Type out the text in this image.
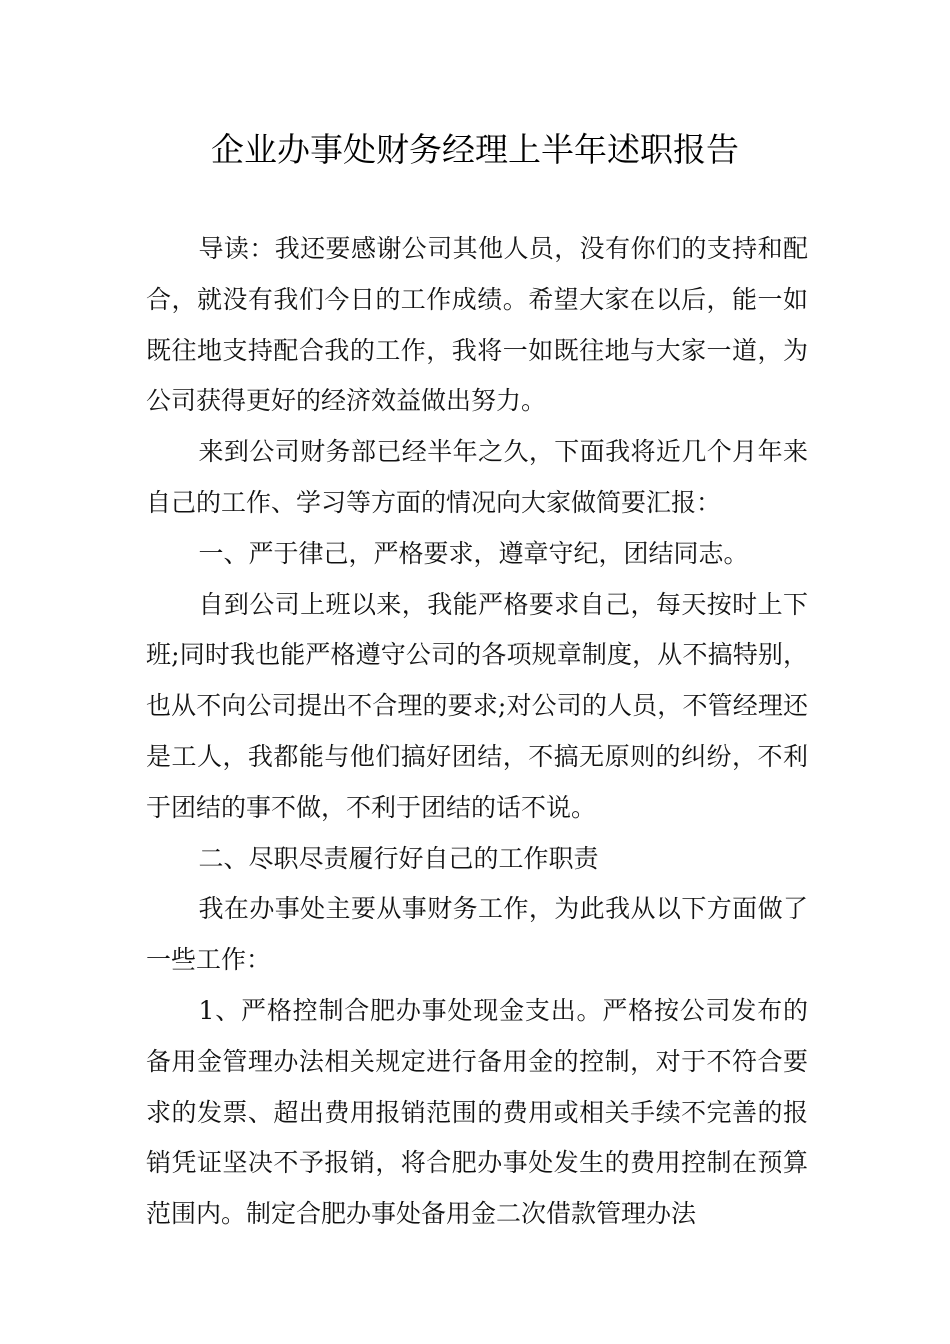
企业办事处财务经理上半年述职报告

导读：我还要感谢公司其他人员，没有你们的支持和配合，就没有我们今日的工作成绩。希望大家在以后，能一如既往地支持配合我的工作，我将一如既往地与大家一道，为公司获得更好的经济效益做出努力。

来到公司财务部已经半年之久，下面我将近几个月年来自己的工作、学习等方面的情况向大家做简要汇报：

一、严于律己，严格要求，遵章守纪，团结同志。

自到公司上班以来，我能严格要求自己，每天按时上下班;同时我也能严格遵守公司的各项规章制度，从不搞特别，也从不向公司提出不合理的要求;对公司的人员，不管经理还是工人，我都能与他们搞好团结，不搞无原则的纠纷，不利于团结的事不做，不利于团结的话不说。

二、尽职尽责履行好自己的工作职责

我在办事处主要从事财务工作，为此我从以下方面做了一些工作：

1、严格控制合肥办事处现金支出。严格按公司发布的备用金管理办法相关规定进行备用金的控制，对于不符合要求的发票、超出费用报销范围的费用或相关手续不完善的报销凭证坚决不予报销，将合肥办事处发生的费用控制在预算范围内。制定合肥办事处备用金二次借款管理办法
